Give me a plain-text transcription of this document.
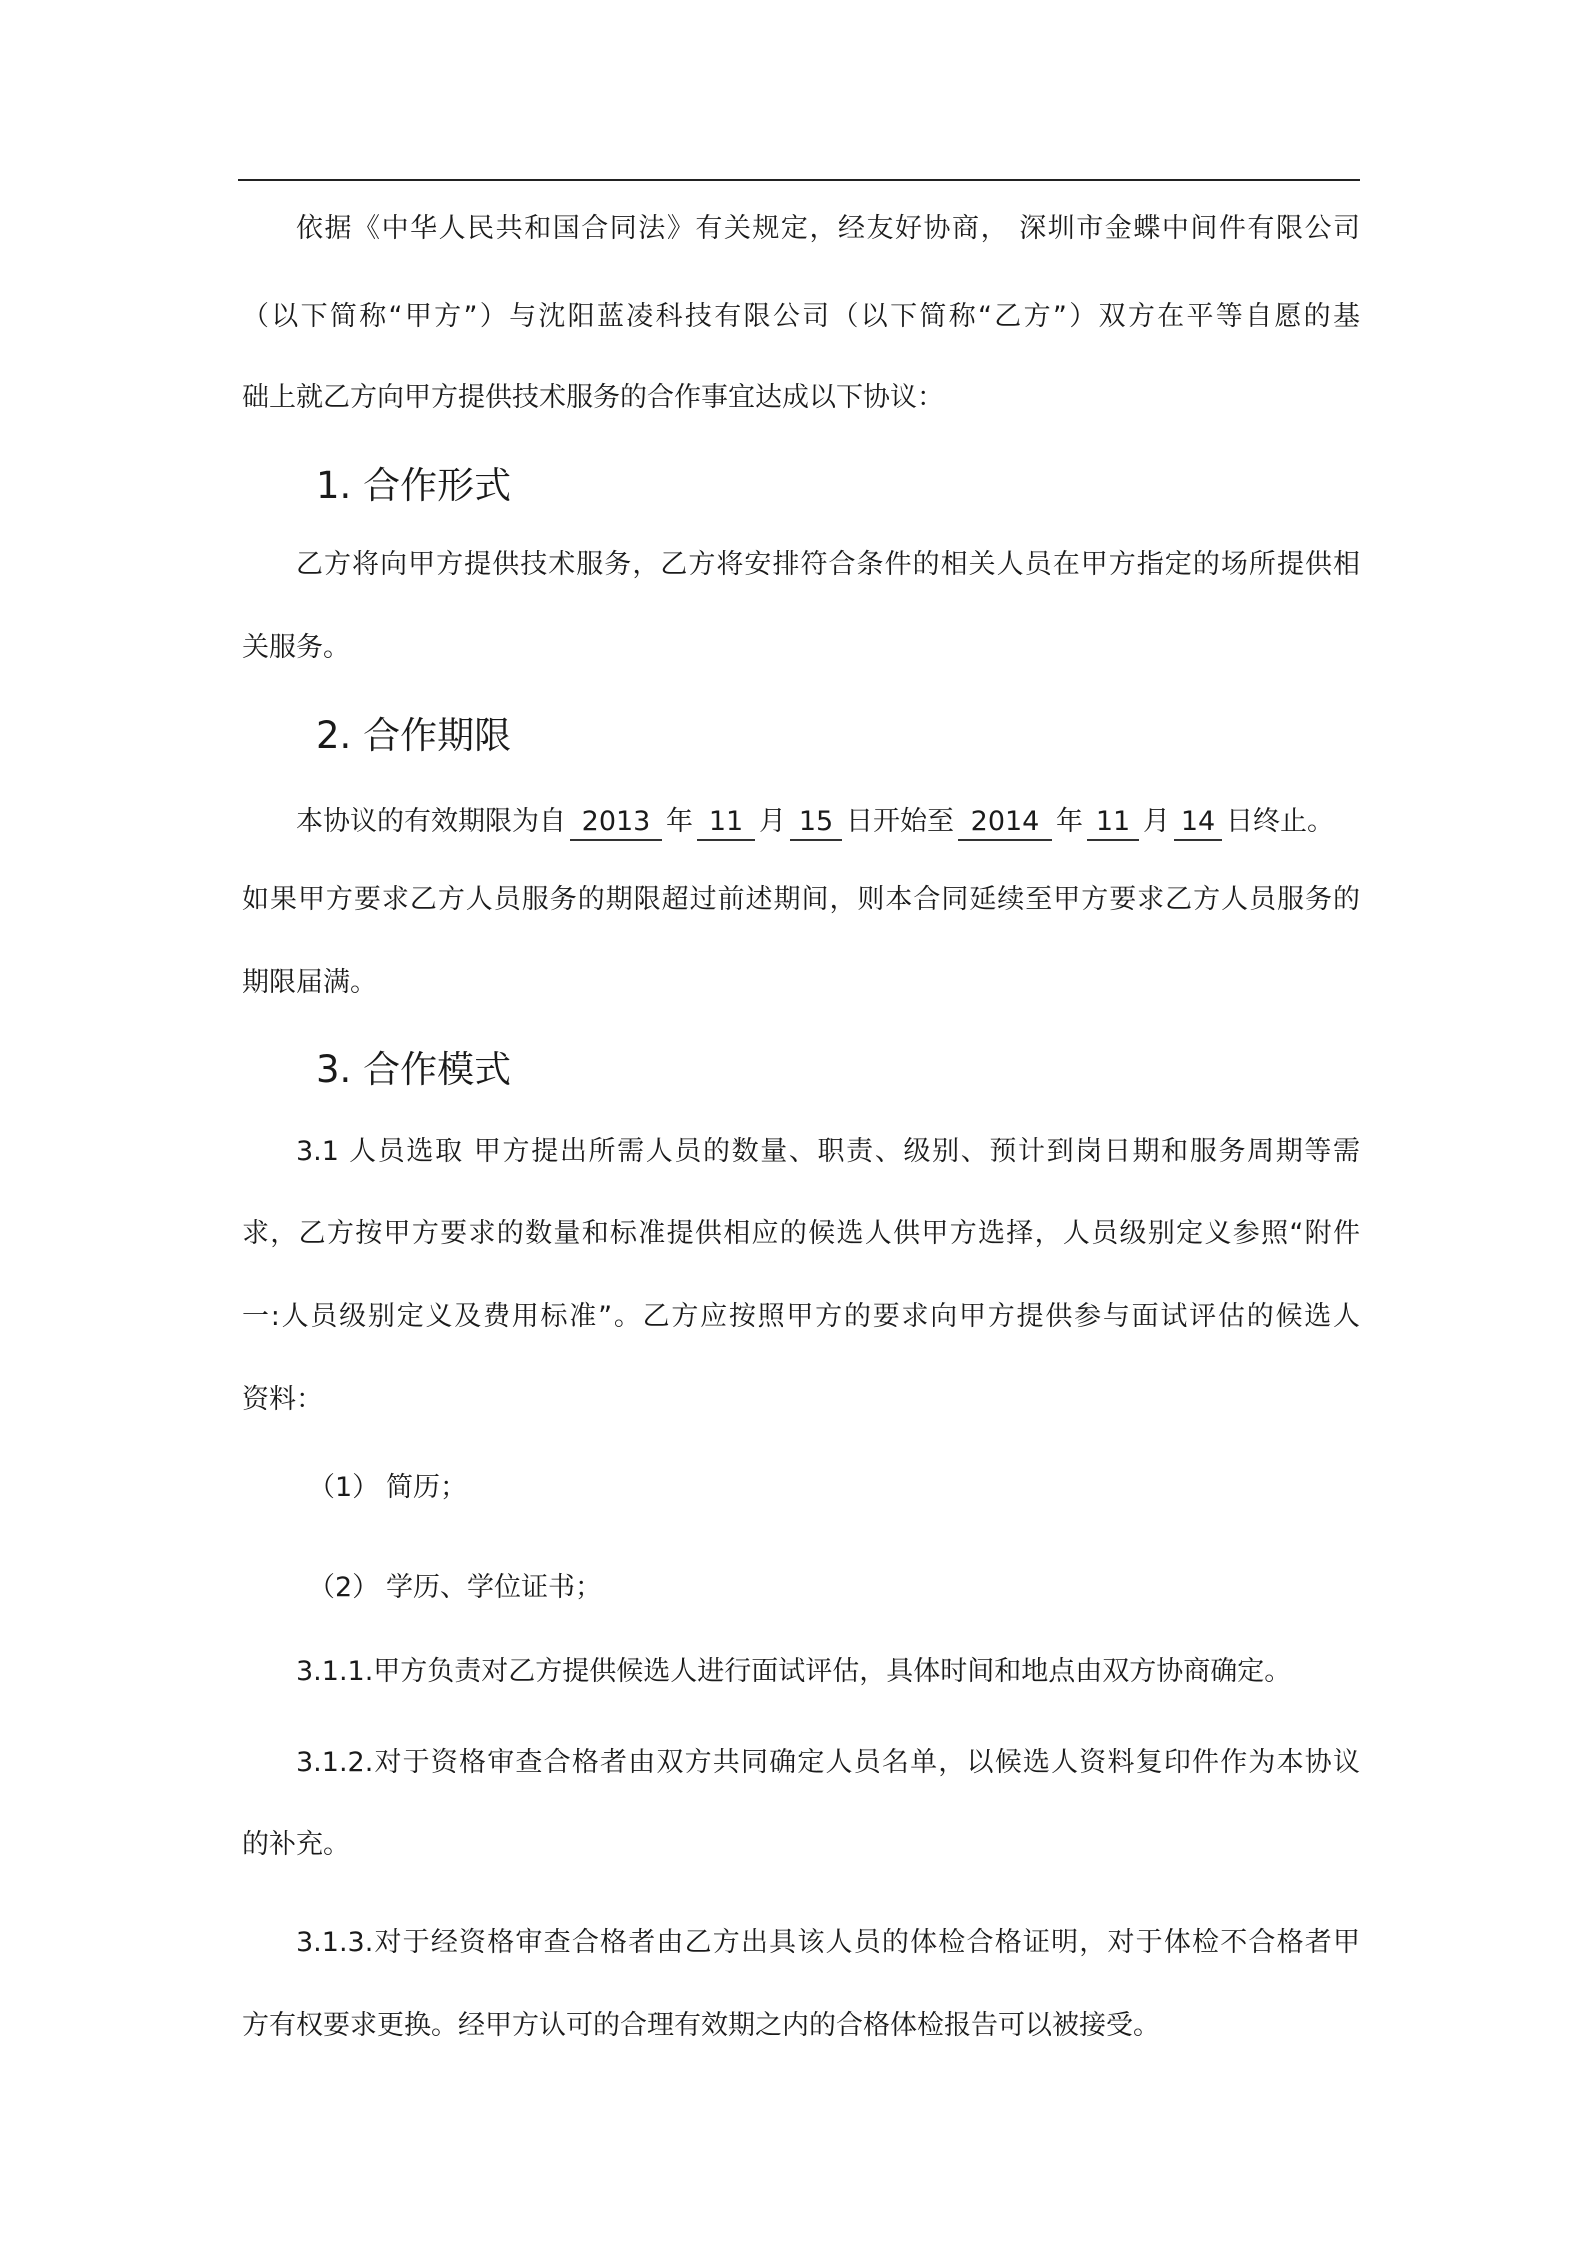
依据《中华人民共和国合同法》有关规定，经友好协商， 深圳市金蝶中间件有限公司
（以下简称“甲方”）与沈阳蓝凌科技有限公司（以下简称“乙方”）双方在平等自愿的基
础上就乙方向甲方提供技术服务的合作事宜达成以下协议：
1. 合作形式
乙方将向甲方提供技术服务，乙方将安排符合条件的相关人员在甲方指定的场所提供相
关服务。
2. 合作期限
本协议的有效期限为自 2013 年 11 月 15 日开始至 2014 年 11 月 14 日终止。
如果甲方要求乙方人员服务的期限超过前述期间，则本合同延续至甲方要求乙方人员服务的
期限届满。
3. 合作模式
3.1 人员选取 甲方提出所需人员的数量、职责、级别、预计到岗日期和服务周期等需
求，乙方按甲方要求的数量和标准提供相应的候选人供甲方选择，人员级别定义参照“附件
一:人员级别定义及费用标准”。乙方应按照甲方的要求向甲方提供参与面试评估的候选人
资料：
（1） 简历；
（2） 学历、学位证书；
3.1.1.甲方负责对乙方提供候选人进行面试评估，具体时间和地点由双方协商确定。
3.1.2.对于资格审查合格者由双方共同确定人员名单，以候选人资料复印件作为本协议
的补充。
3.1.3.对于经资格审查合格者由乙方出具该人员的体检合格证明，对于体检不合格者甲
方有权要求更换。经甲方认可的合理有效期之内的合格体检报告可以被接受。
